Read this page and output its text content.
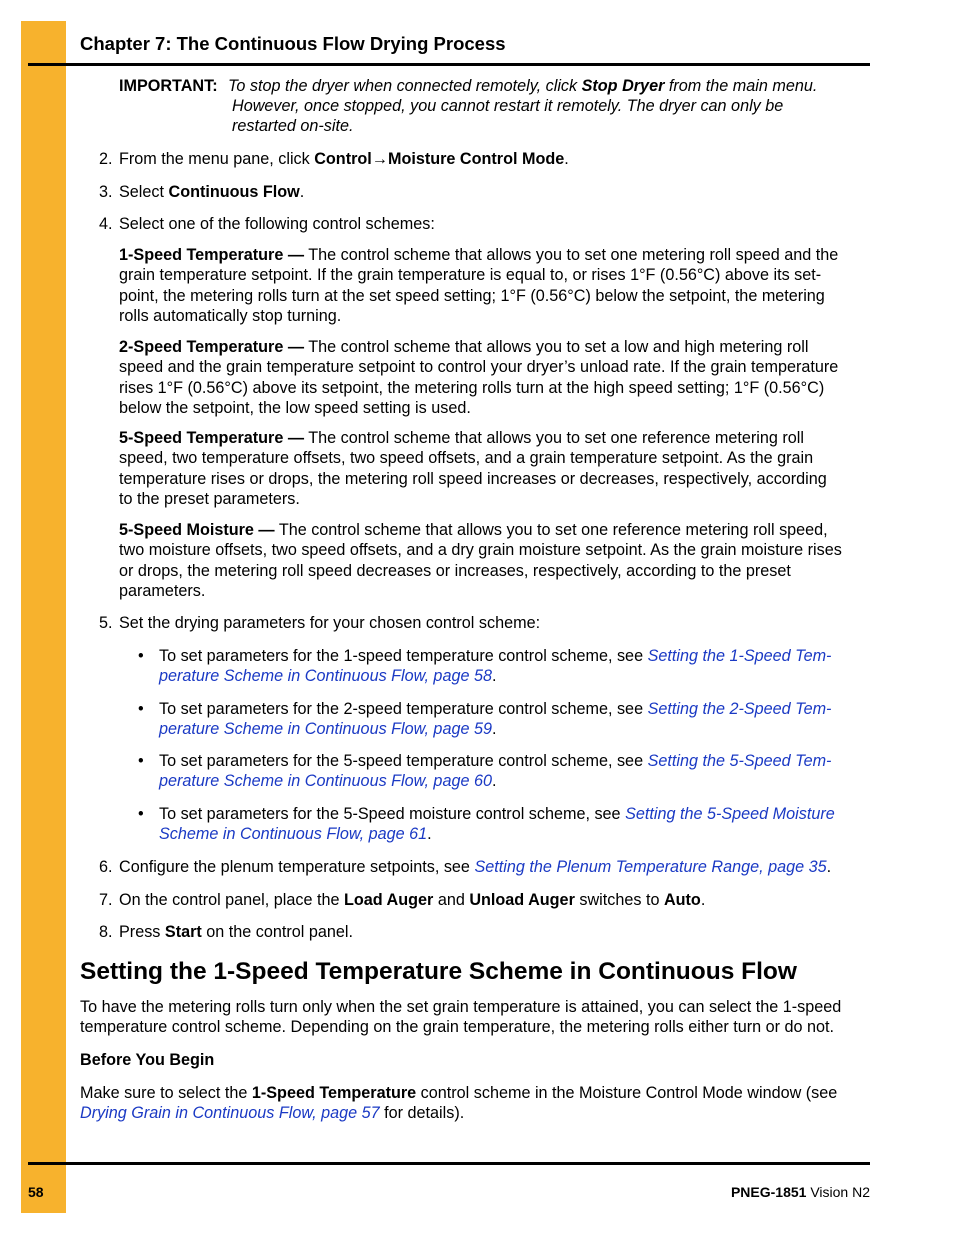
Chapter 7: The Continuous Flow Drying Process
IMPORTANT: To stop the dryer when connected remotely, click Stop Dryer from the main menu.
However, once stopped, you cannot restart it remotely. The dryer can only be
restarted on-site.
2. From the menu pane, click Control→Moisture Control Mode.
3. Select Continuous Flow.
4. Select one of the following control schemes:
1-Speed Temperature — The control scheme that allows you to set one metering roll speed and the
grain temperature setpoint. If the grain temperature is equal to, or rises 1°F (0.56°C) above its set-
point, the metering rolls turn at the set speed setting; 1°F (0.56°C) below the setpoint, the metering
rolls automatically stop turning.
2-Speed Temperature — The control scheme that allows you to set a low and high metering roll
speed and the grain temperature setpoint to control your dryer’s unload rate. If the grain temperature
rises 1°F (0.56°C) above its setpoint, the metering rolls turn at the high speed setting; 1°F (0.56°C)
below the setpoint, the low speed setting is used.
5-Speed Temperature — The control scheme that allows you to set one reference metering roll
speed, two temperature offsets, two speed offsets, and a grain temperature setpoint. As the grain
temperature rises or drops, the metering roll speed increases or decreases, respectively, according
to the preset parameters.
5-Speed Moisture — The control scheme that allows you to set one reference metering roll speed,
two moisture offsets, two speed offsets, and a dry grain moisture setpoint. As the grain moisture rises
or drops, the metering roll speed decreases or increases, respectively, according to the preset
parameters.
5. Set the drying parameters for your chosen control scheme:
• To set parameters for the 1-speed temperature control scheme, see Setting the 1-Speed Tem-
perature Scheme in Continuous Flow, page 58.
• To set parameters for the 2-speed temperature control scheme, see Setting the 2-Speed Tem-
perature Scheme in Continuous Flow, page 59.
• To set parameters for the 5-speed temperature control scheme, see Setting the 5-Speed Tem-
perature Scheme in Continuous Flow, page 60.
• To set parameters for the 5-Speed moisture control scheme, see Setting the 5-Speed Moisture
Scheme in Continuous Flow, page 61.
6. Configure the plenum temperature setpoints, see Setting the Plenum Temperature Range, page 35.
7. On the control panel, place the Load Auger and Unload Auger switches to Auto.
8. Press Start on the control panel.
Setting the 1-Speed Temperature Scheme in Continuous Flow
To have the metering rolls turn only when the set grain temperature is attained, you can select the 1-speed
temperature control scheme. Depending on the grain temperature, the metering rolls either turn or do not.
Before You Begin
Make sure to select the 1-Speed Temperature control scheme in the Moisture Control Mode window (see
Drying Grain in Continuous Flow, page 57 for details).
58	PNEG-1851 Vision N2
